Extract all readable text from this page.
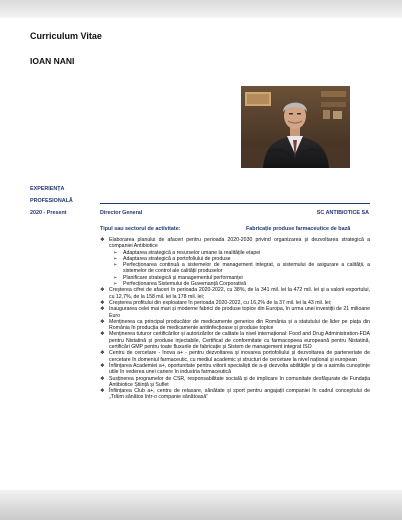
Curriculum Vitae
IOAN NANI
EXPERIENȚA
PROFESIONALĂ
2020 - Present	Director General	SC ANTIBIOTICE SA
Tipul sau sectorul de activitate:	Fabricație produse farmaceutice de bază
❖ Elaborarea planului de afaceri pentru perioada 2020-2030 privind organizarea și dezvoltarea strategică a companiei Antibiotice
➢ Adaptarea strategică a resurselor umane la realitățile etapei
➢ Adaptarea strategică a portofoliului de produse
➢ Perfecționarea continuă a sistemelor de management integrat, a sistemului de asigurare a calității, a sistemelor de control ale calității produselor
➢ Planificare strategică și managementul performanței
➢ Perfecționarea Sistemului de Guvernanță Corporativă
❖ Creșterea cifrei de afaceri în perioada 2020-2022, cu 38%, de la 341 mil. lei la 472 mil. lei și a valorii exportului, cu 12,7%, de la 158 mil. lei la 178 mil. lei;
❖ Creșterea profitului din exploatare în perioada 2020-2022, cu 16,2% de la 37 mil. lei la 43 mil. lei;
❖ Inaugurarea celei mai mari și moderne fabrici de produse topice din Europa, în urma unei investiții de 21 milioane Euro
❖ Menținerea ca principal producător de medicamente generice din România și a statutului de lider pe piața din România în producția de medicamente antiinfecțioase și produse topice
❖ Menținerea tuturor certificărilor și autorizărilor de calitate la nivel internațional: Food and Drug Administration-FDA pentru Nistatină și produse injectabile, Certificat de conformitate cu farmacopeea europeană pentru Nistatină, certificări GMP pentru toate fluxurile de fabricație și Sistem de management integrat ISO
❖ Centru de cercetare - Inova a+ - pentru dezvoltarea și inovarea portofoliului și dezvoltarea de parteneriate de cercetare în domeniul farmaceutic, cu mediul academic și structuri de cercetare la nivel național și european
❖ Înființarea Academiei a+, oportunitate pentru viitorii specialiști de a-și dezvolta abilitățile și de a asimila cunoștințe utile în vederea unei cariere în industria farmaceutică
❖ Susținerea programelor de CSR, responsabilitate socială și de implicare în comunitate desfășurate de Fundația Antibiotice Știință și Suflet
❖ Înființarea Club a+, centru de relaxare, sănătate și sport pentru angajații companiei în cadrul conceptului de „Trăim sănătos într-o companie sănătoasă”
